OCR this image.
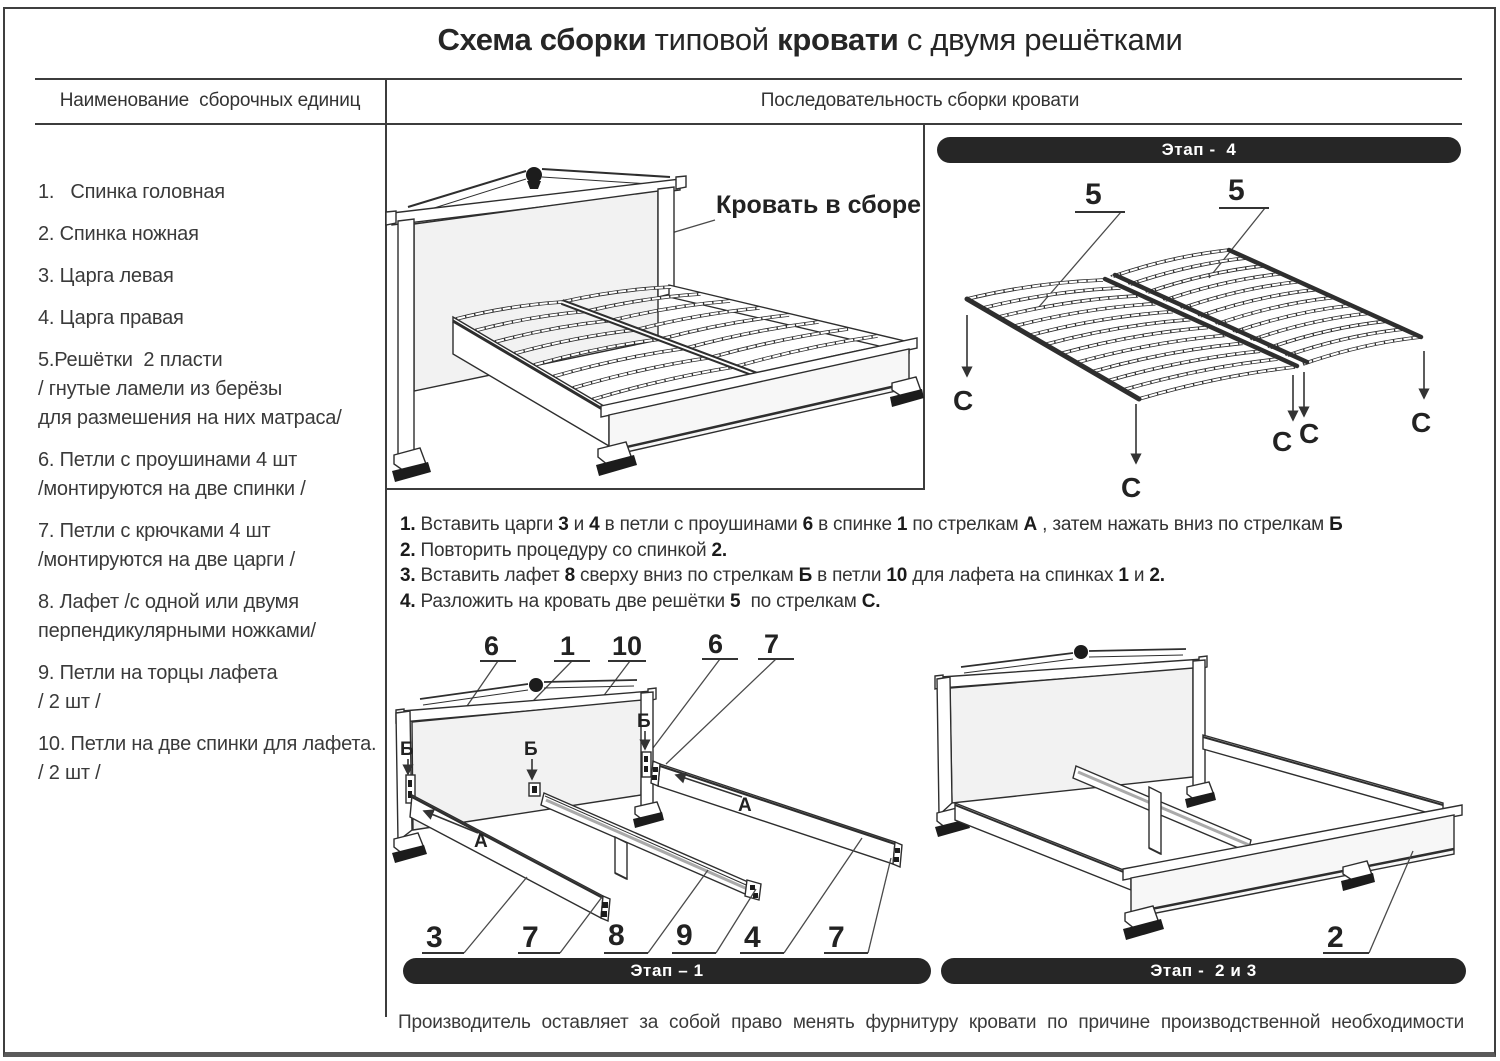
Схема сборки типовой кровати с двумя решётками
Наименование  сборочных единиц	Последовательность сборки кровати
1.   Спинка головная
2. Спинка ножная
3. Царга левая
4. Царга правая
5.Решётки  2 пласти
/ гнутые ламели из берёзы
для размешения на них матраса/
6. Петли с проушинами 4 шт
/монтируются на две спинки /
7. Петли с крючками 4 шт
/монтируются на две царги /
8. Лафет /с одной или двумя
перпендикулярными ножками/
9. Петли на торцы лафета
/ 2 шт /
10. Петли на две спинки для лафета.
/ 2 шт /
Кровать в сборе
Этап -  4
5	5
С
С
С С	С
1. Вставить царги 3 и 4 в петли с проушинами 6 в спинке 1 по стрелкам А , затем нажать вниз по стрелкам Б
2. Повторить процедуру со спинкой 2.
3. Вставить лафет 8 сверху вниз по стрелкам Б в петли 10 для лафета на спинках 1 и 2.
4. Разложить на кровать две решётки 5  по стрелкам С.
6 1 10 6 7
Б	Б
Б
А
А
3	7 8 9 4 7
Этап – 1
2
Этап -  2 и 3
Производитель оставляет за собой право менять фурнитуру кровати по причине производственной необходимости
